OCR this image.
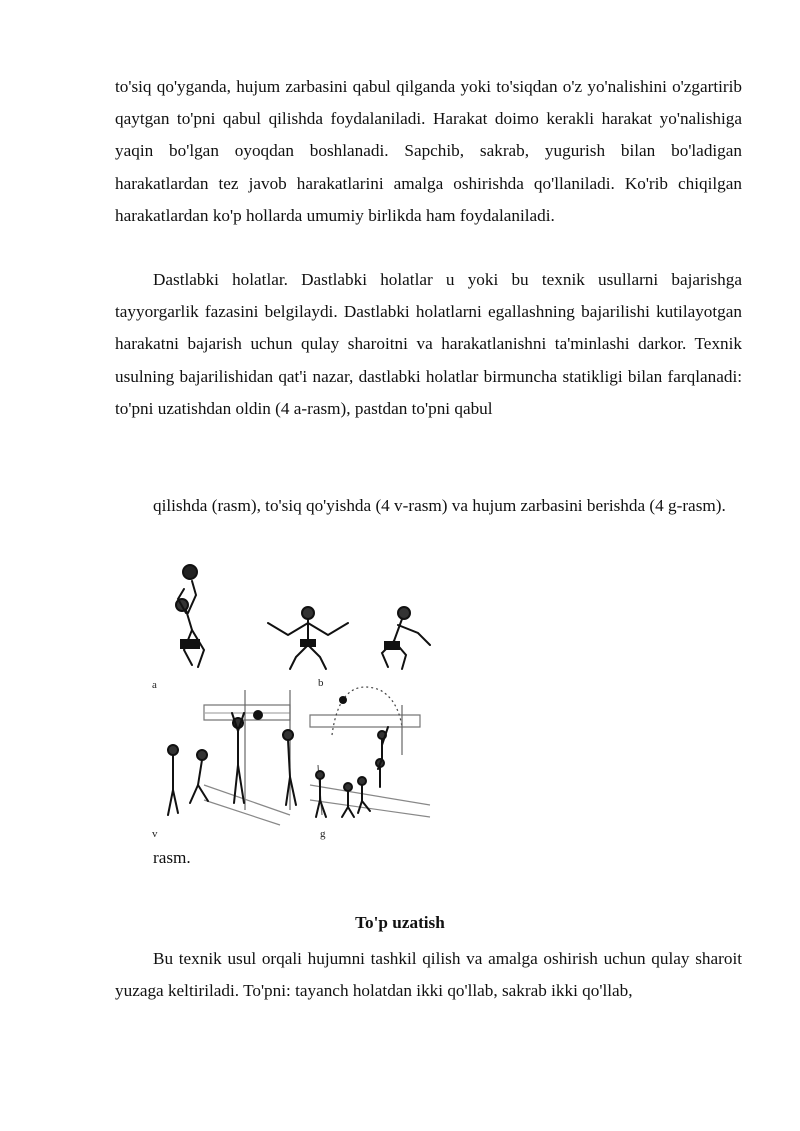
to'siq qo'yganda, hujum zarbasini qabul qilganda yoki to'siqdan o'z yo'nalishini o'zgartirib qaytgan to'pni qabul qilishda foydalaniladi. Harakat doimo kerakli harakat yo'nalishiga yaqin bo'lgan oyoqdan boshlanadi. Sapchib, sakrab, yugurish bilan bo'ladigan harakatlardan tez javob harakatlarini amalga oshirishda qo'llaniladi. Ko'rib chiqilgan harakatlardan ko'p hollarda umumiy birlikda ham foydalaniladi.

Dastlabki holatlar. Dastlabki holatlar u yoki bu texnik usullarni bajarishga tayyorgarlik fazasini belgilaydi. Dastlabki holatlarni egallashning bajarilishi kutilayotgan harakatni bajarish uchun qulay sharoitni va harakatlanishni ta'minlashi darkor. Texnik usulning bajarilishidan qat'i nazar, dastlabki holatlar birmuncha statikligi bilan farqlanadi: to'pni uzatishdan oldin (4 a-rasm), pastdan to'pni qabul

qilishda (rasm), to'siq qo'yishda (4 v-rasm) va hujum zarbasini berishda (4 g-rasm).

a	b
v	g
rasm.

To'p uzatish

Bu texnik usul orqali hujumni tashkil qilish va amalga oshirish uchun qulay sharoit yuzaga keltiriladi. To'pni: tayanch holatdan ikki qo'llab, sakrab ikki qo'llab,
